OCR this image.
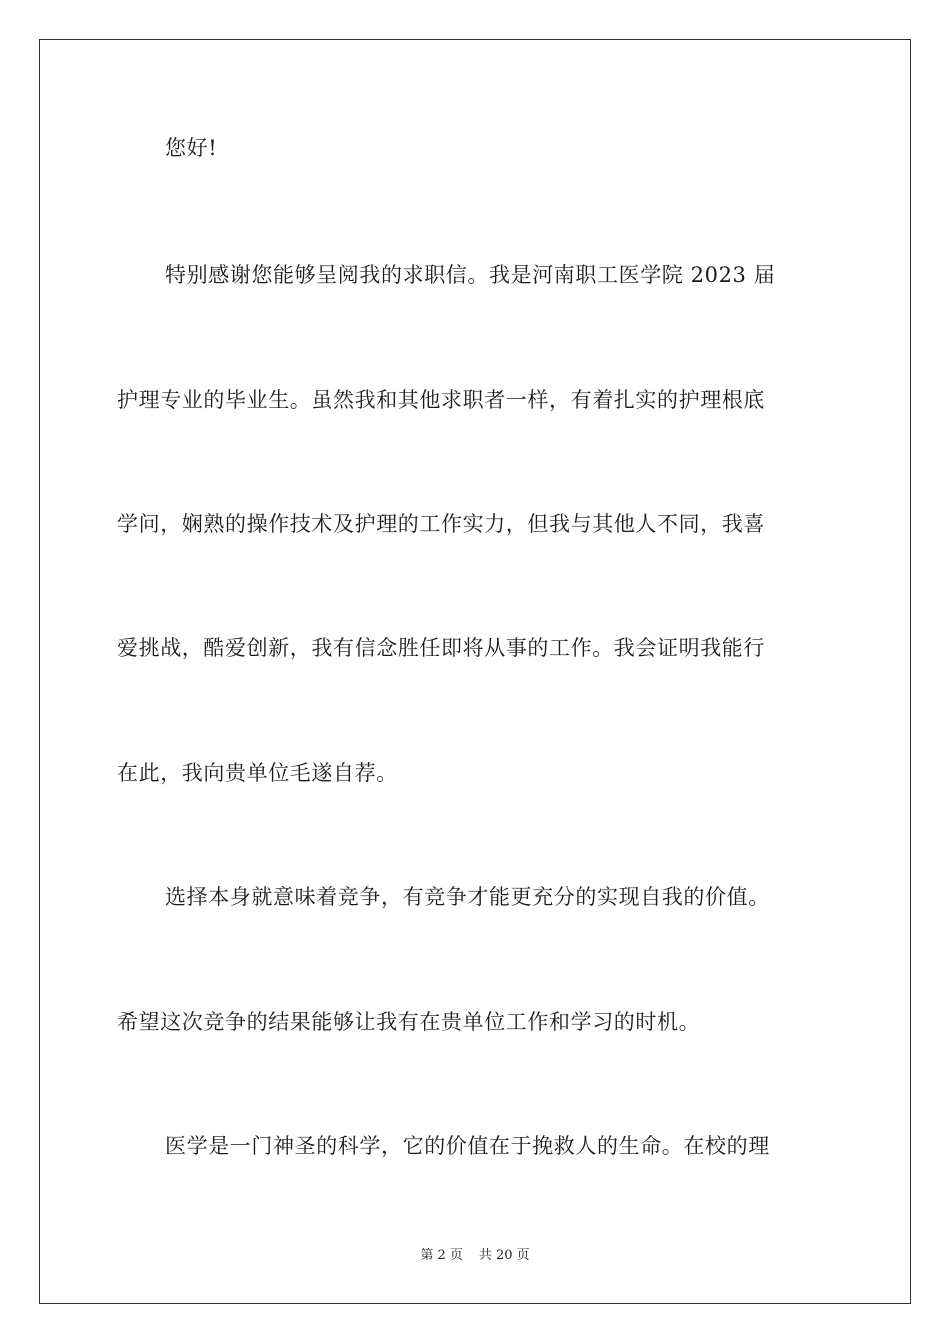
您好!
特别感谢您能够呈阅我的求职信。我是河南职工医学院 2023 届
护理专业的毕业生。虽然我和其他求职者一样，有着扎实的护理根底
学问，娴熟的操作技术及护理的工作实力，但我与其他人不同，我喜
爱挑战，酷爱创新，我有信念胜任即将从事的工作。我会证明我能行
在此，我向贵单位毛遂自荐。
选择本身就意味着竞争，有竞争才能更充分的实现自我的价值。
希望这次竞争的结果能够让我有在贵单位工作和学习的时机。
医学是一门神圣的科学，它的价值在于挽救人的生命。在校的理
第 2 页 共 20 页
